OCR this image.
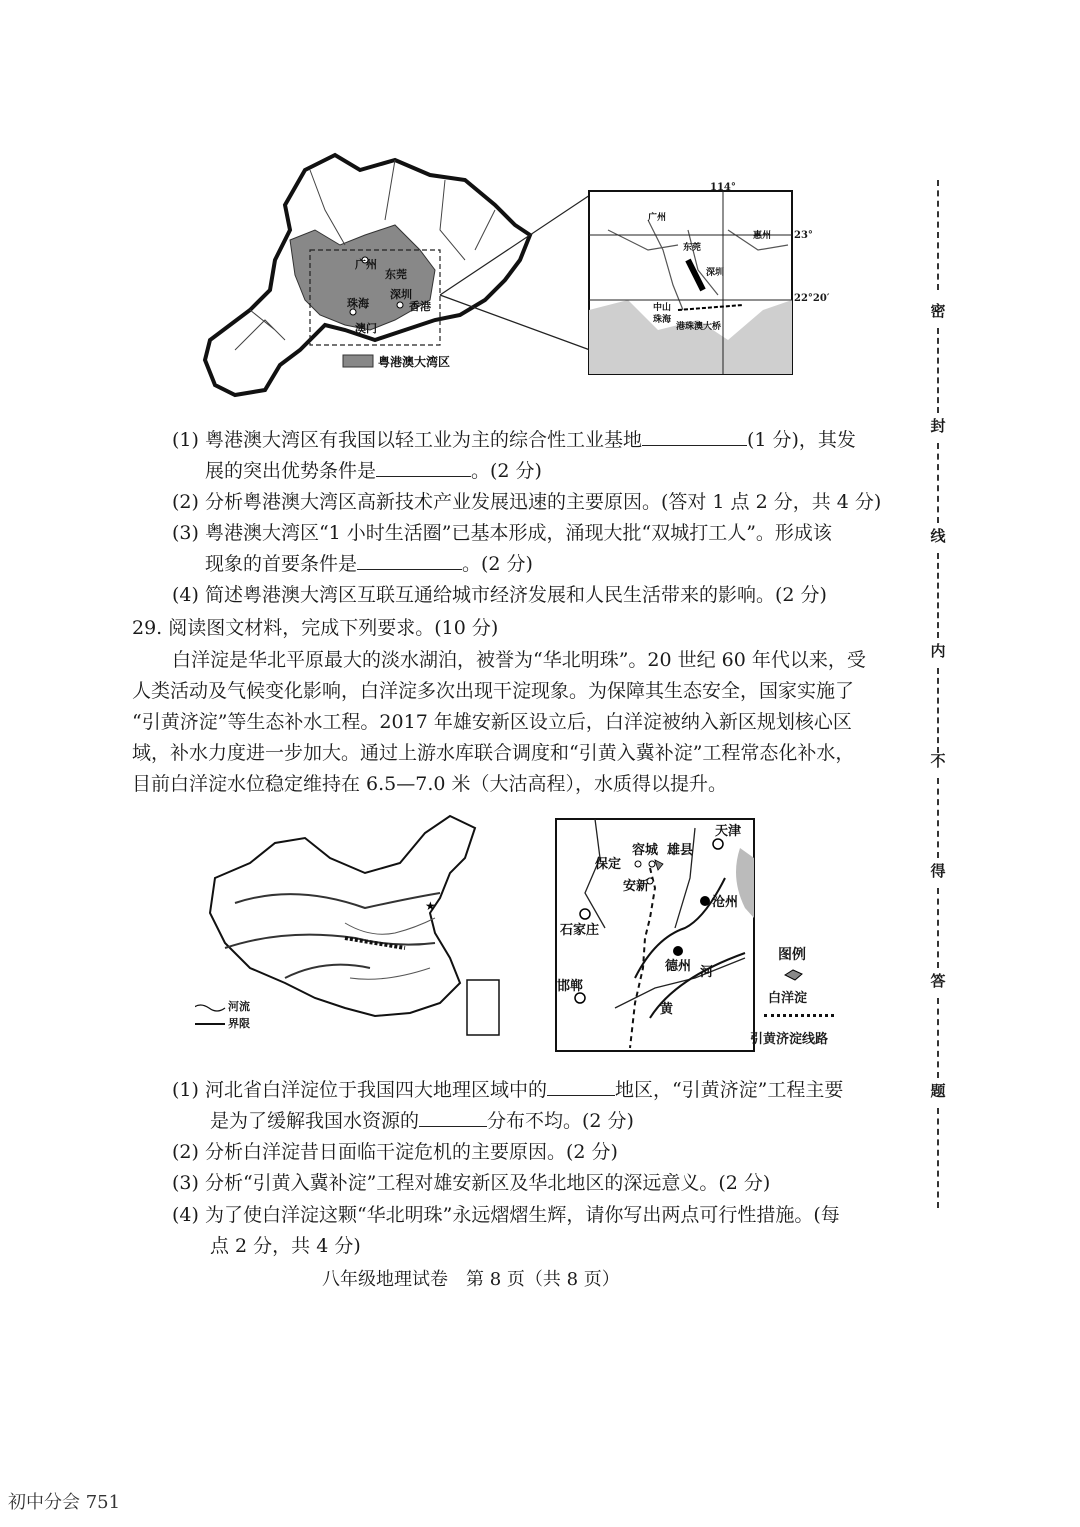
广州
东莞
深圳
珠海	香港
澳门
粤港澳大湾区
广州
东莞
惠州
深圳
中山
珠海
港珠澳大桥
114°
23°
22°20′
(1) 粤港澳大湾区有我国以轻工业为主的综合性工业基地	(1 分)，其发
展的突出优势条件是	。(2 分)
(2) 分析粤港澳大湾区高新技术产业发展迅速的主要原因。(答对 1 点 2 分，共 4 分)
(3) 粤港澳大湾区“1 小时生活圈”已基本形成，涌现大批“双城打工人”。形成该
现象的首要条件是	。(2 分)
(4) 简述粤港澳大湾区互联互通给城市经济发展和人民生活带来的影响。(2 分)
29. 阅读图文材料，完成下列要求。(10 分)
白洋淀是华北平原最大的淡水湖泊，被誉为“华北明珠”。20 世纪 60 年代以来，受
人类活动及气候变化影响，白洋淀多次出现干淀现象。为保障其生态安全，国家实施了
“引黄济淀”等生态补水工程。2017 年雄安新区设立后，白洋淀被纳入新区规划核心区
域，补水力度进一步加大。通过上游水库联合调度和“引黄入冀补淀”工程常态化补水，
目前白洋淀水位稳定维持在 6.5—7.0 米（大沽高程），水质得以提升。
★
河流
界限
天津
容城 雄县
保定
安新
沧州
石家庄
德州
邯郸
河
黄
图例
白洋淀
引黄济淀线路
(1) 河北省白洋淀位于我国四大地理区域中的	地区，“引黄济淀”工程主要
是为了缓解我国水资源的	分布不均。(2 分)
(2) 分析白洋淀昔日面临干淀危机的主要原因。(2 分)
(3) 分析“引黄入冀补淀”工程对雄安新区及华北地区的深远意义。(2 分)
(4) 为了使白洋淀这颗“华北明珠”永远熠熠生辉，请你写出两点可行性措施。(每
点 2 分，共 4 分)
八年级地理试卷　第 8 页（共 8 页）
密
封
线
内
不
得
答
题
初中分会 751
